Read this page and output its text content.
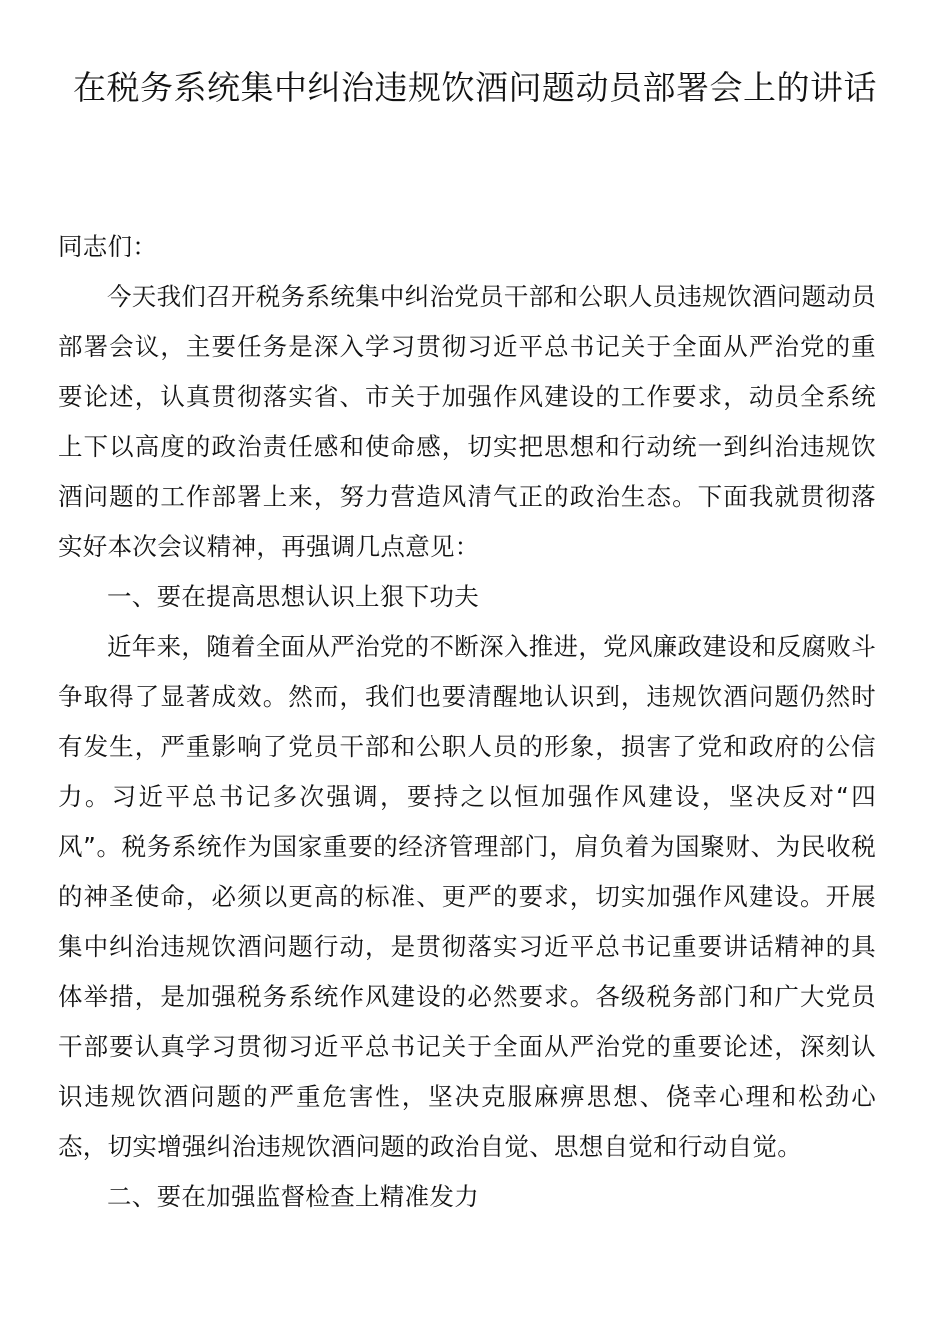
在税务系统集中纠治违规饮酒问题动员部署会上的讲话

同志们：

今天我们召开税务系统集中纠治党员干部和公职人员违规饮酒问题动员部署会议，主要任务是深入学习贯彻习近平总书记关于全面从严治党的重要论述，认真贯彻落实省、市关于加强作风建设的工作要求，动员全系统上下以高度的政治责任感和使命感，切实把思想和行动统一到纠治违规饮酒问题的工作部署上来，努力营造风清气正的政治生态。下面我就贯彻落实好本次会议精神，再强调几点意见：

一、要在提高思想认识上狠下功夫

近年来，随着全面从严治党的不断深入推进，党风廉政建设和反腐败斗争取得了显著成效。然而，我们也要清醒地认识到，违规饮酒问题仍然时有发生，严重影响了党员干部和公职人员的形象，损害了党和政府的公信力。习近平总书记多次强调，要持之以恒加强作风建设，坚决反对“四风”。税务系统作为国家重要的经济管理部门，肩负着为国聚财、为民收税的神圣使命，必须以更高的标准、更严的要求，切实加强作风建设。开展集中纠治违规饮酒问题行动，是贯彻落实习近平总书记重要讲话精神的具体举措，是加强税务系统作风建设的必然要求。各级税务部门和广大党员干部要认真学习贯彻习近平总书记关于全面从严治党的重要论述，深刻认识违规饮酒问题的严重危害性，坚决克服麻痹思想、侥幸心理和松劲心态，切实增强纠治违规饮酒问题的政治自觉、思想自觉和行动自觉。

二、要在加强监督检查上精准发力
